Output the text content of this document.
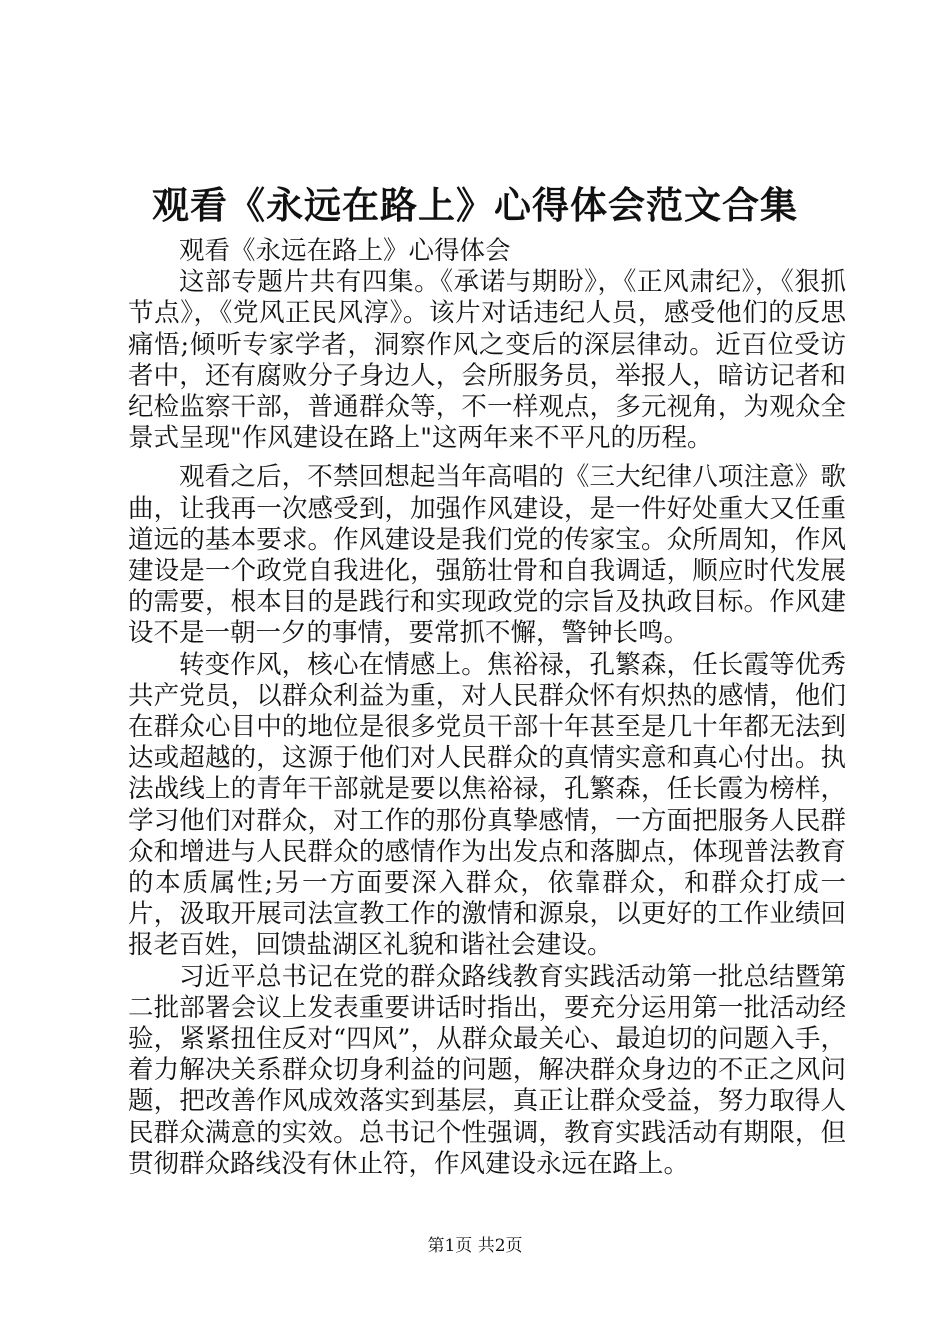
观看《永远在路上》心得体会范文合集

观看《永远在路上》心得体会

这部专题片共有四集。《承诺与期盼》，《正风肃纪》，《狠抓节点》，《党风正民风淳》。该片对话违纪人员，感受他们的反思痛悟;倾听专家学者，洞察作风之变后的深层律动。近百位受访者中，还有腐败分子身边人，会所服务员，举报人，暗访记者和纪检监察干部，普通群众等，不一样观点，多元视角，为观众全景式呈现"作风建设在路上"这两年来不平凡的历程。

观看之后，不禁回想起当年高唱的《三大纪律八项注意》歌曲，让我再一次感受到，加强作风建设，是一件好处重大又任重道远的基本要求。作风建设是我们党的传家宝。众所周知，作风建设是一个政党自我进化，强筋壮骨和自我调适，顺应时代发展的需要，根本目的是践行和实现政党的宗旨及执政目标。作风建设不是一朝一夕的事情，要常抓不懈，警钟长鸣。

转变作风，核心在情感上。焦裕禄，孔繁森，任长霞等优秀共产党员，以群众利益为重，对人民群众怀有炽热的感情，他们在群众心目中的地位是很多党员干部十年甚至是几十年都无法到达或超越的，这源于他们对人民群众的真情实意和真心付出。执法战线上的青年干部就是要以焦裕禄，孔繁森，任长霞为榜样，学习他们对群众，对工作的那份真挚感情，一方面把服务人民群众和增进与人民群众的感情作为出发点和落脚点，体现普法教育的本质属性;另一方面要深入群众，依靠群众，和群众打成一片，汲取开展司法宣教工作的激情和源泉，以更好的工作业绩回报老百姓，回馈盐湖区礼貌和谐社会建设。

习近平总书记在党的群众路线教育实践活动第一批总结暨第二批部署会议上发表重要讲话时指出，要充分运用第一批活动经验，紧紧扭住反对“四风”，从群众最关心、最迫切的问题入手，着力解决关系群众切身利益的问题，解决群众身边的不正之风问题，把改善作风成效落实到基层，真正让群众受益，努力取得人民群众满意的实效。总书记个性强调，教育实践活动有期限，但贯彻群众路线没有休止符，作风建设永远在路上。

第1页 共2页
